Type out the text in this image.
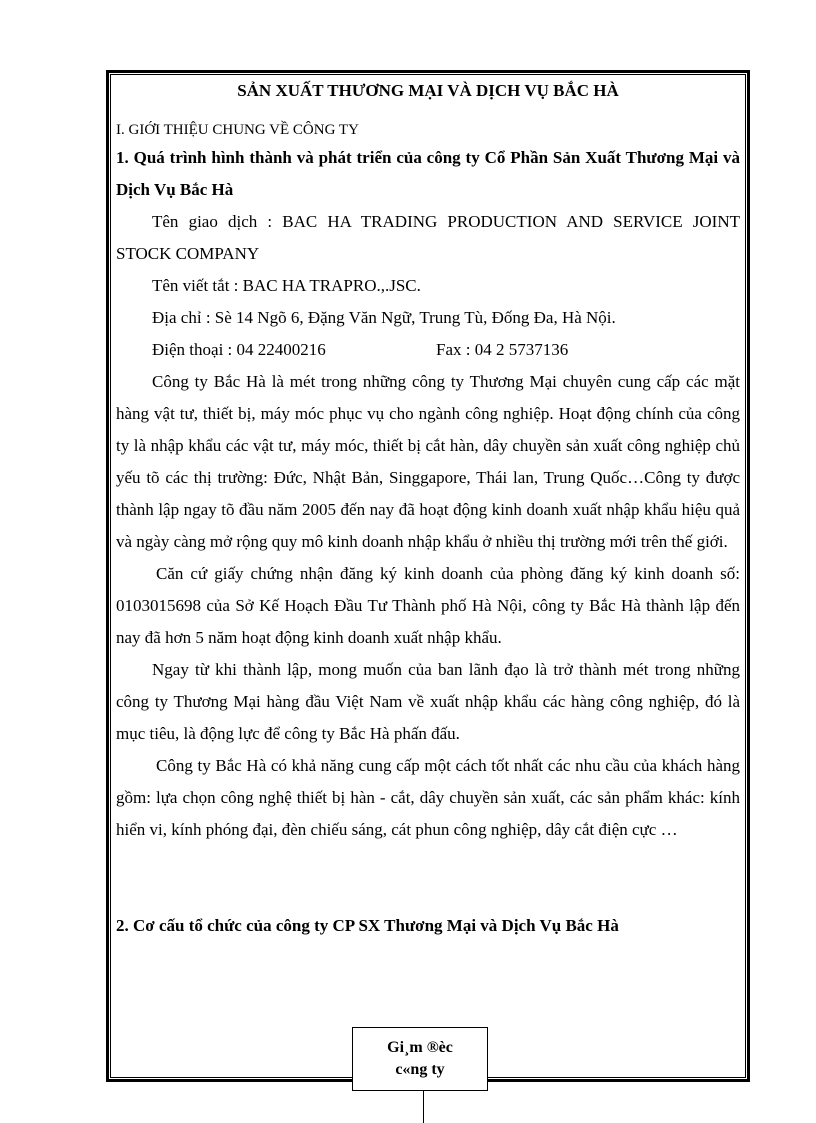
SẢN XUẤT THƯƠNG MẠI VÀ DỊCH VỤ BẮC HÀ

I. GIỚI THIỆU CHUNG VỀ CÔNG TY

1. Quá trình hình thành và phát triển của công ty Cổ Phần Sản Xuất Thương Mại và Dịch Vụ Bắc Hà

Tên giao dịch : BAC HA TRADING PRODUCTION AND SERVICE JOINT STOCK COMPANY

Tên viết tắt : BAC HA TRAPRO.,.JSC.

Địa chỉ : Sè 14 Ngõ 6, Đặng Văn Ngữ, Trung Tù, Đống Đa, Hà Nội.

Điện thoại : 04 22400216	Fax : 04 2 5737136

Công ty Bắc Hà là mét trong những công ty Thương Mại chuyên cung cấp các mặt hàng vật tư, thiết bị, máy móc phục vụ cho ngành công nghiệp. Hoạt động chính của công ty là nhập khẩu các vật tư, máy móc, thiết bị cắt hàn, dây chuyền sản xuất công nghiệp chủ yếu tõ các thị trường: Đức, Nhật Bản, Singgapore, Thái lan, Trung Quốc…Công ty được thành lập ngay tõ đầu năm 2005 đến nay đã hoạt động kinh doanh xuất nhập khẩu hiệu quả và ngày càng mở rộng quy mô kinh doanh nhập khẩu ở nhiều thị trường mới trên thế giới.

Căn cứ giấy chứng nhận đăng ký kinh doanh của phòng đăng ký kinh doanh số: 0103015698 của Sở Kế Hoạch Đầu Tư Thành phố Hà Nội, công ty Bắc Hà thành lập đến nay đã hơn 5 năm hoạt động kinh doanh xuất nhập khẩu.

Ngay từ khi thành lập, mong muốn của ban lãnh đạo là trở thành mét trong những công ty Thương Mại hàng đầu Việt Nam về xuất nhập khẩu các hàng công nghiệp, đó là mục tiêu, là động lực để công ty Bắc Hà phấn đấu.

Công ty Bắc Hà có khả năng cung cấp một cách tốt nhất các nhu cầu của khách hàng gồm: lựa chọn công nghệ thiết bị hàn - cắt, dây chuyền sản xuất, các sản phẩm khác: kính hiển vi, kính phóng đại, đèn chiếu sáng, cát phun công nghiệp, dây cắt điện cực …

2. Cơ cấu tổ chức của công ty CP SX Thương Mại và Dịch Vụ Bắc Hà

Gi¸m ®èc
c«ng ty
